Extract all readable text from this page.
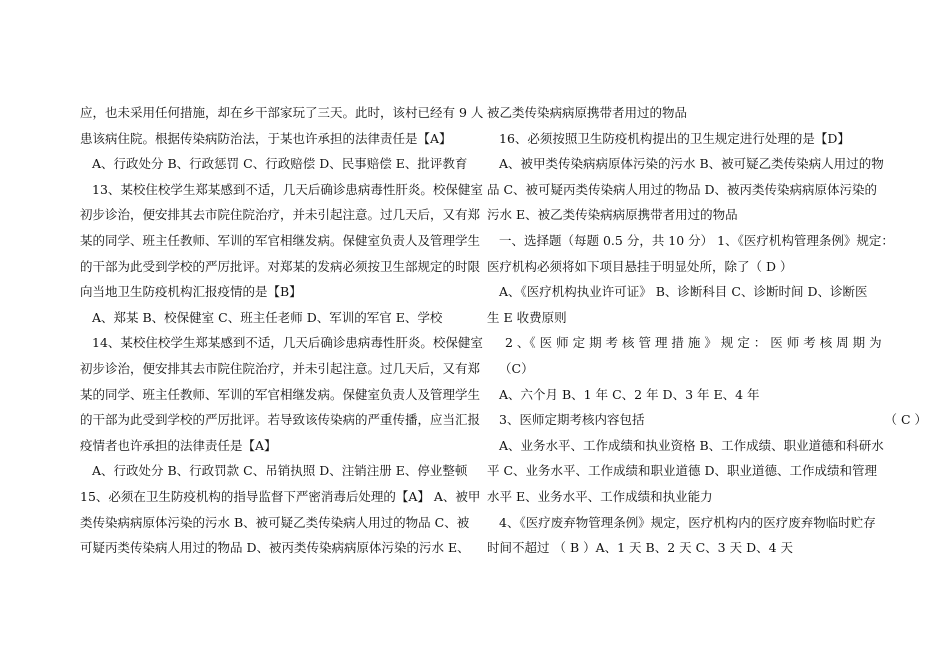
应，也未采用任何措施，却在乡干部家玩了三天。此时，该村已经有 9 人
患该病住院。根据传染病防治法，于某也许承担的法律责任是【A】
A、行政处分 B、行政惩罚 C、行政赔偿 D、民事赔偿 E、批评教育
13、某校住校学生郑某感到不适，几天后确诊患病毒性肝炎。校保健室
初步诊治，便安排其去市院住院治疗，并未引起注意。过几天后，又有郑
某的同学、班主任教师、军训的军官相继发病。保健室负责人及管理学生
的干部为此受到学校的严厉批评。对郑某的发病必须按卫生部规定的时限
向当地卫生防疫机构汇报疫情的是【B】
A、郑某 B、校保健室 C、班主任老师 D、军训的军官 E、学校
14、某校住校学生郑某感到不适，几天后确诊患病毒性肝炎。校保健室
初步诊治，便安排其去市院住院治疗，并未引起注意。过几天后，又有郑
某的同学、班主任教师、军训的军官相继发病。保健室负责人及管理学生
的干部为此受到学校的严厉批评。若导致该传染病的严重传播，应当汇报
疫情者也许承担的法律责任是【A】
A、行政处分 B、行政罚款 C、吊销执照 D、注销注册 E、停业整顿
15、必须在卫生防疫机构的指导监督下严密消毒后处理的【A】 A、被甲
类传染病病原体污染的污水 B、被可疑乙类传染病人用过的物品 C、被
可疑丙类传染病人用过的物品 D、被丙类传染病病原体污染的污水 E、
被乙类传染病病原携带者用过的物品
16、必须按照卫生防疫机构提出的卫生规定进行处理的是【D】
A、被甲类传染病病原体污染的污水 B、被可疑乙类传染病人用过的物
品 C、被可疑丙类传染病人用过的物品 D、被丙类传染病病原体污染的
污水 E、被乙类传染病病原携带者用过的物品
一、选择题（每题 0.5 分，共 10 分） 1、《医疗机构管理条例》规定：
医疗机构必须将如下项目悬挂于明显处所，除了（ D ）
A、《医疗机构执业许可证》 B、诊断科目 C、诊断时间 D、诊断医
生 E 收费原则
2 、《 医 师 定 期 考 核 管 理 措 施 》 规 定 ： 医 师 考 核 周 期 为
（C）
A、六个月 B、1 年 C、2 年 D、3 年 E、4 年
3、医师定期考核内容包括	（ C ）
A、业务水平、工作成绩和执业资格 B、工作成绩、职业道德和科研水
平 C、业务水平、工作成绩和职业道德 D、职业道德、工作成绩和管理
水平 E、业务水平、工作成绩和执业能力
4、《医疗废弃物管理条例》规定，医疗机构内的医疗废弃物临时贮存
时间不超过 （ B ）A、1 天 B、2 天 C、3 天 D、4 天
